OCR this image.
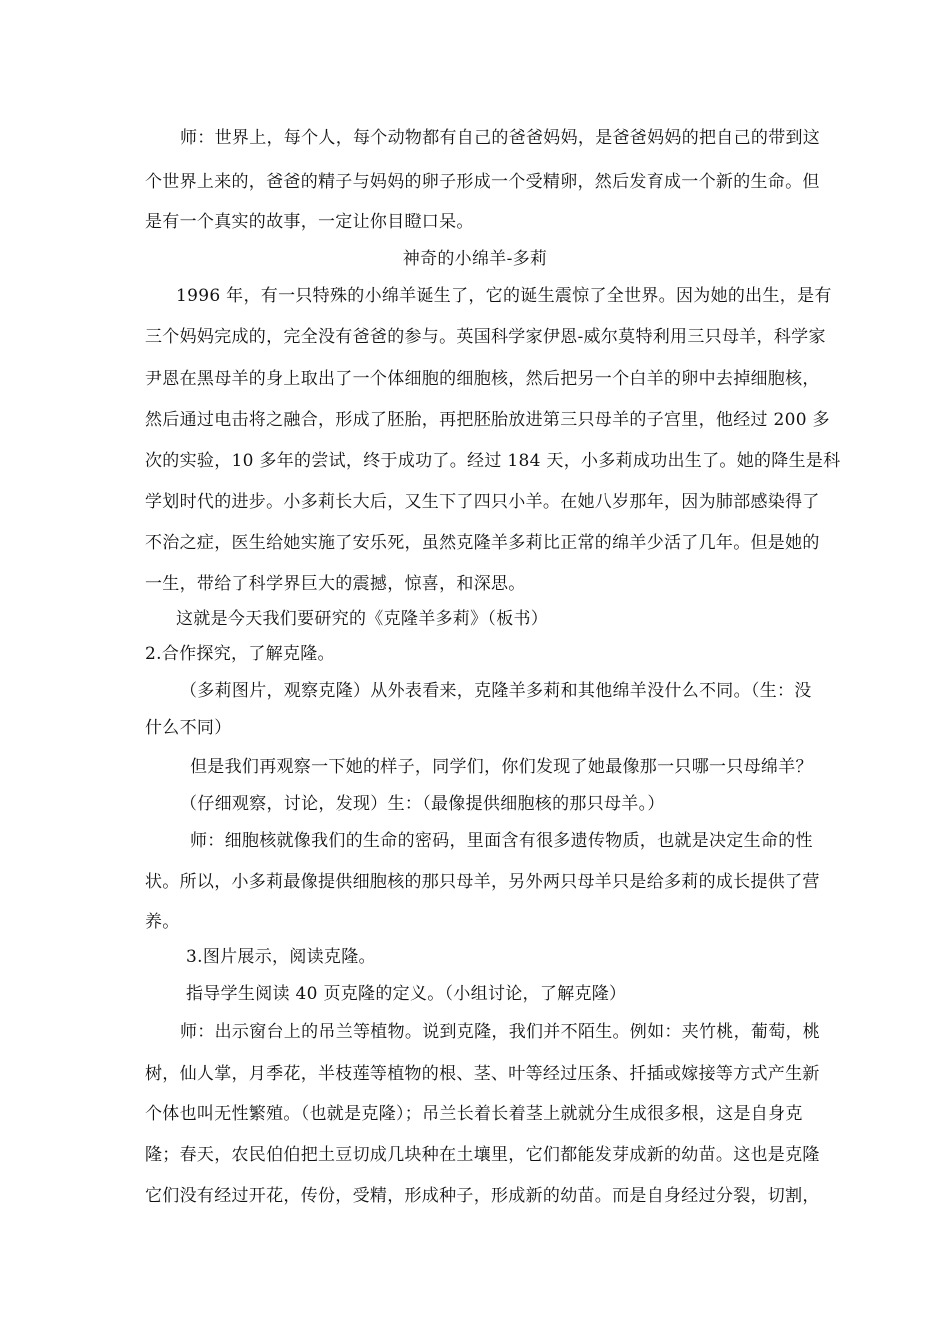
师：世界上，每个人，每个动物都有自己的爸爸妈妈，是爸爸妈妈的把自己的带到这
个世界上来的，爸爸的精子与妈妈的卵子形成一个受精卵，然后发育成一个新的生命。但
是有一个真实的故事，一定让你目瞪口呆。
神奇的小绵羊-多莉
1996 年，有一只特殊的小绵羊诞生了，它的诞生震惊了全世界。因为她的出生，是有
三个妈妈完成的，完全没有爸爸的参与。英国科学家伊恩-威尔莫特利用三只母羊，科学家
尹恩在黑母羊的身上取出了一个体细胞的细胞核，然后把另一个白羊的卵中去掉细胞核，
然后通过电击将之融合，形成了胚胎，再把胚胎放进第三只母羊的子宫里，他经过 200 多
次的实验，10 多年的尝试，终于成功了。经过 184 天，小多莉成功出生了。她的降生是科
学划时代的进步。小多莉长大后，又生下了四只小羊。在她八岁那年，因为肺部感染得了
不治之症，医生给她实施了安乐死，虽然克隆羊多莉比正常的绵羊少活了几年。但是她的
一生，带给了科学界巨大的震撼，惊喜，和深思。
这就是今天我们要研究的《克隆羊多莉》（板书）
2.合作探究，了解克隆。
（多莉图片，观察克隆）从外表看来，克隆羊多莉和其他绵羊没什么不同。（生：没
什么不同）
但是我们再观察一下她的样子，同学们，你们发现了她最像那一只哪一只母绵羊？
（仔细观察，讨论，发现）生：（最像提供细胞核的那只母羊。）
师：细胞核就像我们的生命的密码，里面含有很多遗传物质，也就是决定生命的性
状。所以，小多莉最像提供细胞核的那只母羊，另外两只母羊只是给多莉的成长提供了营
养。
3.图片展示，阅读克隆。
指导学生阅读 40 页克隆的定义。（小组讨论，了解克隆）
师：出示窗台上的吊兰等植物。说到克隆，我们并不陌生。例如：夹竹桃，葡萄，桃
树，仙人掌，月季花，半枝莲等植物的根、茎、叶等经过压条、扦插或嫁接等方式产生新
个体也叫无性繁殖。（也就是克隆）；吊兰长着长着茎上就就分生成很多根，这是自身克
隆；春天，农民伯伯把土豆切成几块种在土壤里，它们都能发芽成新的幼苗。这也是克隆
它们没有经过开花，传份，受精，形成种子，形成新的幼苗。而是自身经过分裂，切割，
